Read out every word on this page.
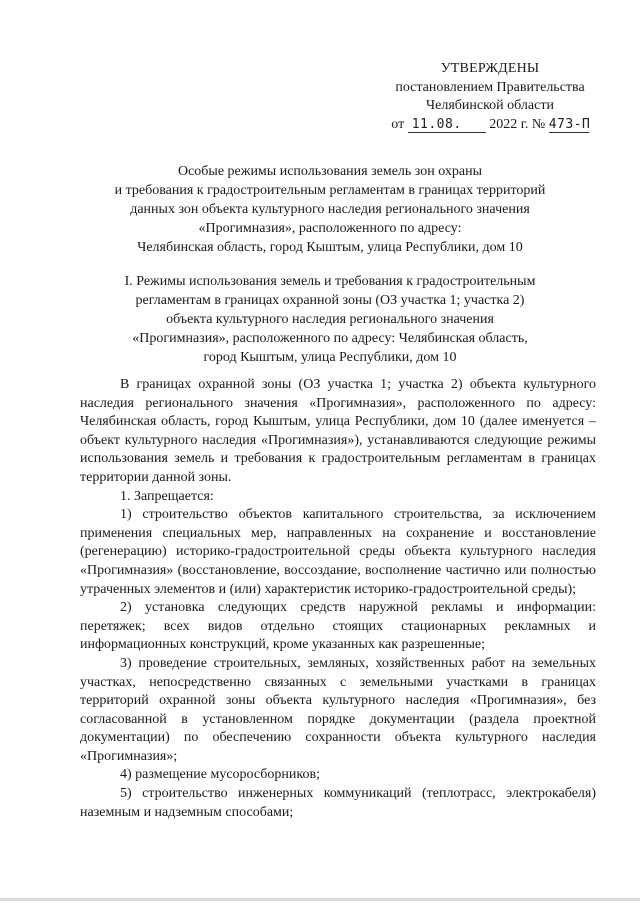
УТВЕРЖДЕНЫ
постановлением Правительства
Челябинской области
от 11.08. 2022 г. № 473-П
Особые режимы использования земель зон охраны
и требования к градостроительным регламентам в границах территорий
данных зон объекта культурного наследия регионального значения
«Прогимназия», расположенного по адресу:
Челябинская область, город Кыштым, улица Республики, дом 10
I. Режимы использования земель и требования к градостроительным
регламентам в границах охранной зоны (ОЗ участка 1; участка 2)
объекта культурного наследия регионального значения
«Прогимназия», расположенного по адресу: Челябинская область,
город Кыштым, улица Республики, дом 10

В границах охранной зоны (ОЗ участка 1; участка 2) объекта культурного наследия регионального значения «Прогимназия», расположенного по адресу: Челябинская область, город Кыштым, улица Республики, дом 10 (далее именуется – объект культурного наследия «Прогимназия»), устанавливаются следующие режимы использования земель и требования к градостроительным регламентам в границах территории данной зоны.

1. Запрещается:

1) строительство объектов капитального строительства, за исключением применения специальных мер, направленных на сохранение и восстановление (регенерацию) историко-градостроительной среды объекта культурного наследия «Прогимназия» (восстановление, воссоздание, восполнение частично или полностью утраченных элементов и (или) характеристик историко-градостроительной среды);

2) установка следующих средств наружной рекламы и информации: перетяжек; всех видов отдельно стоящих стационарных рекламных и информационных конструкций, кроме указанных как разрешенные;

3) проведение строительных, земляных, хозяйственных работ на земельных участках, непосредственно связанных с земельными участками в границах территорий охранной зоны объекта культурного наследия «Прогимназия», без согласованной в установленном порядке документации (раздела проектной документации) по обеспечению сохранности объекта культурного наследия «Прогимназия»;

4) размещение мусоросборников;

5) строительство инженерных коммуникаций (теплотрасс, электрокабеля) наземным и надземным способами;
